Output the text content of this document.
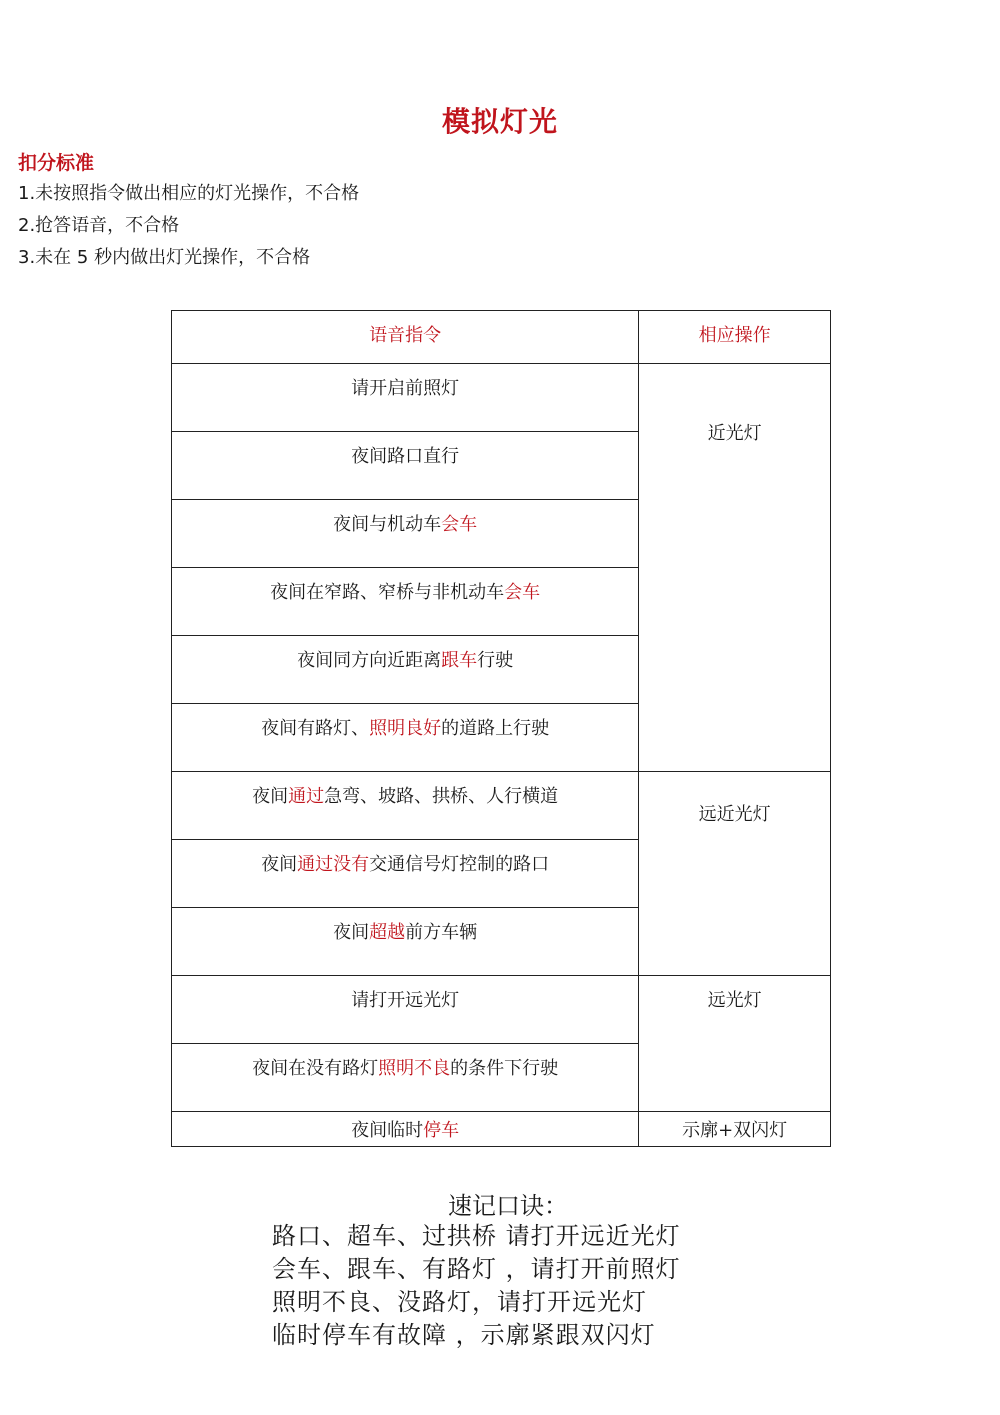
模拟灯光
扣分标准
1.未按照指令做出相应的灯光操作，不合格
2.抢答语音，不合格
3.未在 5 秒内做出灯光操作，不合格
语音指令	相应操作
请开启前照灯	近光灯
夜间路口直行	
夜间与机动车会车	
夜间在窄路、窄桥与非机动车会车	
夜间同方向近距离跟车行驶	
夜间有路灯、照明良好的道路上行驶	
夜间通过急弯、坡路、拱桥、人行横道	远近光灯
夜间通过没有交通信号灯控制的路口	
夜间超越前方车辆	
请打开远光灯	远光灯
夜间在没有路灯照明不良的条件下行驶	
夜间临时停车	示廓+双闪灯
速记口诀：
路口、超车、过拱桥 请打开远近光灯
会车、跟车、有路灯 ，请打开前照灯
照明不良、没路灯，请打开远光灯
临时停车有故障 ，示廓紧跟双闪灯
